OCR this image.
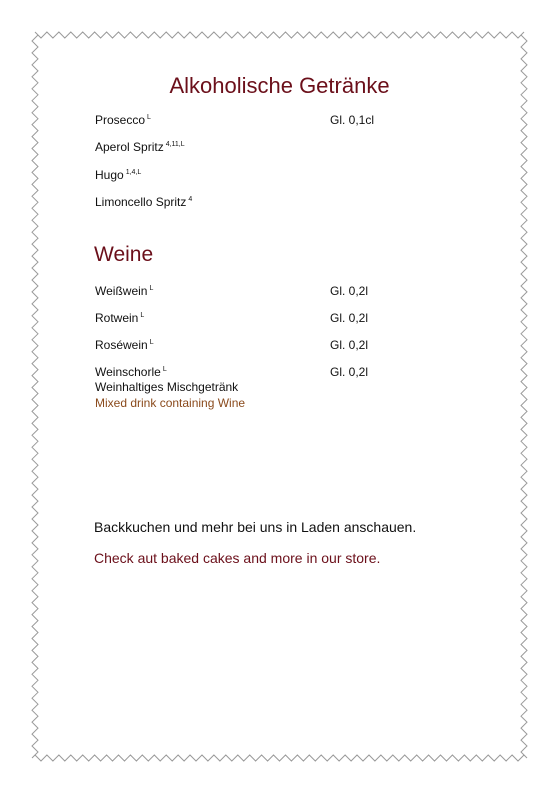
Alkoholische Getränke
Prosecco $^L$	Gl. 0,1cl
Aperol Spritz $^{4,11,L}$
Hugo $^{1,4,L}$
Limoncello Spritz $^4$
Weine
Weißwein $^L$	Gl. 0,2l
Rotwein $^L$	Gl. 0,2l
Roséwein $^L$	Gl. 0,2l
Weinschorle $^L$	Gl. 0,2l
Weinhaltiges Mischgetränk
Mixed drink containing Wine
Backkuchen und mehr bei uns in Laden anschauen.
Check aut baked cakes and more in our store.
